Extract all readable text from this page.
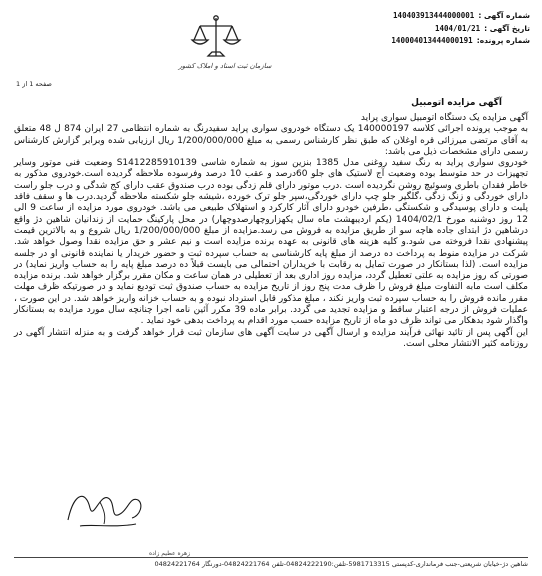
شماره آگهی :
140403913444000001
تاریخ آگهی :
1404/01/21
شماره پرونده:
140004013444000191
سازمان ثبت اسناد و املاک کشور
صفحه 1 از 1
آگهی مزایده اتومبیل

آگهی مزایده یک دستگاه اتومبیل سواری پراید

به موجب پرونده اجرائی کلاسه 140000197 یک دستگاه خودروی سواری پراید سفیدرنگ به شماره انتظامی 27 ایران 874 ل 48 متعلق به آقای مرتضی میرزائی قره اوغلان که طبق نظر کارشناس رسمی به مبلغ 1/200/000/000 ریال ارزیابی شده وبرابر گزارش کارشناس رسمی دارای مشخصات ذیل می باشد:

خودروی سواری پراید به رنگ سفید روغنی مدل 1385 بنزین سوز به شماره شاسی S1412285910139 وضعیت فنی موتور وسایر تجهیزات در حد متوسط بوده وضعیت آج لاستیک های جلو 60درصد و عقب 10 درصد وفرسوده ملاحظه گردیده است.خودروی مذکور به خاطر فقدان باطری وسوئیچ روشن نگردیده است .درب موتور دارای قلم زدگی بوده درب صندوق عقب دارای کج شدگی و درب جلو راست دارای خوردگی و زنگ زدگی ،گلگیر جلو چپ دارای خوردگی،سپر جلو ترک خورده ،شیشه جلو شکسته ملاحظه گردید.درب ها و سقف فاقد پلیت و دارای پوسیدگی و شکستگی ،طرفین خودرو دارای آثار کارکرد و استهلاک طبیعی می باشد. خودروی مورد مزایده از ساعت 9 الی 12 روز دوشنبه مورخ 1404/02/1 (یکم اردیبهشت ماه سال یکهزاروچهارصدوچهار) در محل پارکینگ حمایت از زندانیان شاهین دژ واقع درشاهین دژ ابتدای جاده هاچه سو از طریق مزایده به فروش می رسد.مزایده از مبلغ 1/200/000/000 ریال شروع و به بالاترین قیمت پیشنهادی نقدا فروخته می شود.و کلیه هزینه های قانونی به عهده برنده مزایده است و نیم عشر و حق مزایده نقدا وصول خواهد شد. شرکت در مزایده منوط به پرداخت ده درصد از مبلغ پایه کارشناسی به حساب سپرده ثبت و حضور خریدار یا نماینده قانونی او در جلسه مزایده است. (لذا بستانکار در صورت تمایل به رقابت با خریداران احتمالی می بایست قبلاً ده درصد مبلغ پایه را به حساب واریز نماید) در صورتی که روز مزایده به علتی تعطیل گردد، مزایده روز اداری بعد از تعطیلی در همان ساعت و مکان مقرر برگزار خواهد شد. برنده مزایده مکلف است مابه التفاوت مبلغ فروش را ظرف مدت پنج روز از تاریخ مزایده به حساب صندوق ثبت تودیع نماید و در صورتیکه ظرف مهلت مقرر مانده فروش را به حساب سپرده ثبت واریز نکند ، مبلغ مذکور قابل استرداد نبوده و به حساب خزانه واریز خواهد شد. در این صورت ، عملیات فروش از درجه اعتبار ساقط و مزایده تجدید می گردد. برابر ماده 39 مکرر آئین نامه اجرا چنانچه سال مورد مزایده به بستانکار واگذار شود بدهکار می تواند ظرف دو ماه از تاریخ مزایده حسب مورد اقدام به پرداخت بدهی خود نماید .

این آگهی پس از تائید نهائی فرآیند مزایده و ارسال آگهی در سایت آگهی های سازمان ثبت قرار خواهد گرفت و به منزله انتشار آگهی در روزنامه کثیر الانتشار محلی است.

زهره عطیم زاده
شاهین دژ-خیابان شریعتی-جنب فرمانداری-کدپستی 5981713315-تلفن:04824222190-تلفن 04824221764-دورنگار 04824221764
